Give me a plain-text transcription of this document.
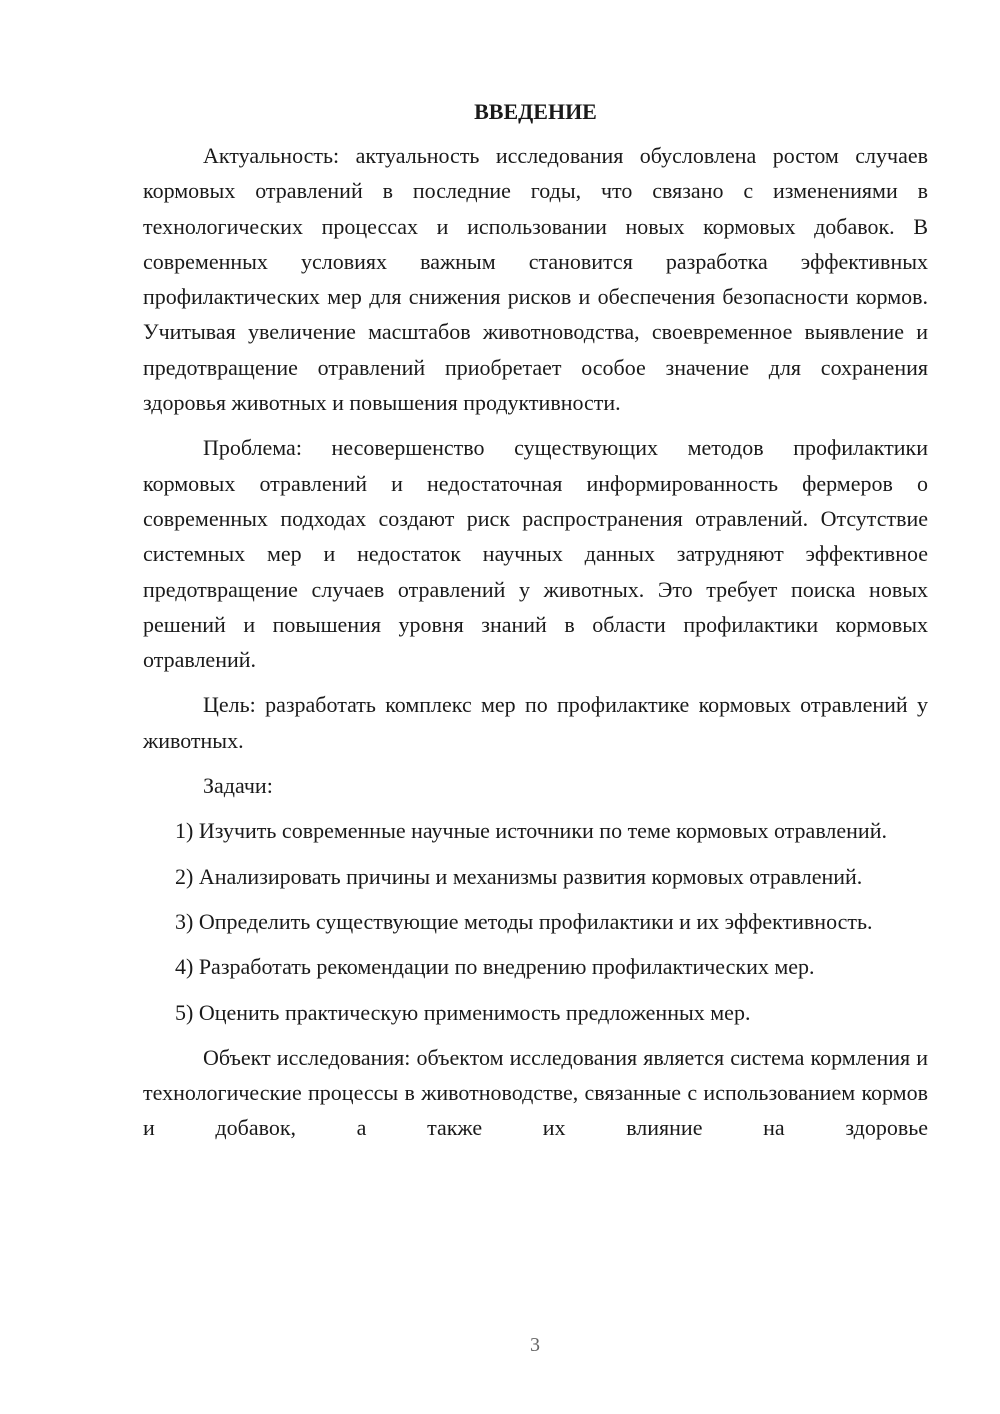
ВВЕДЕНИЕ

Актуальность: актуальность исследования обусловлена ростом случаев кормовых отравлений в последние годы, что связано с изменениями в технологических процессах и использовании новых кормовых добавок. В современных условиях важным становится разработка эффективных профилактических мер для снижения рисков и обеспечения безопасности кормов. Учитывая увеличение масштабов животноводства, своевременное выявление и предотвращение отравлений приобретает особое значение для сохранения здоровья животных и повышения продуктивности.

Проблема: несовершенство существующих методов профилактики кормовых отравлений и недостаточная информированность фермеров о современных подходах создают риск распространения отравлений. Отсутствие системных мер и недостаток научных данных затрудняют эффективное предотвращение случаев отравлений у животных. Это требует поиска новых решений и повышения уровня знаний в области профилактики кормовых отравлений.

Цель: разработать комплекс мер по профилактике кормовых отравлений у животных.

Задачи:

1) Изучить современные научные источники по теме кормовых отравлений.

2) Анализировать причины и механизмы развития кормовых отравлений.

3) Определить существующие методы профилактики и их эффективность.

4) Разработать рекомендации по внедрению профилактических мер.

5) Оценить практическую применимость предложенных мер.

Объект исследования: объектом исследования является система кормления и технологические процессы в животноводстве, связанные с использованием кормов и добавок, а также их влияние на здоровье

3
